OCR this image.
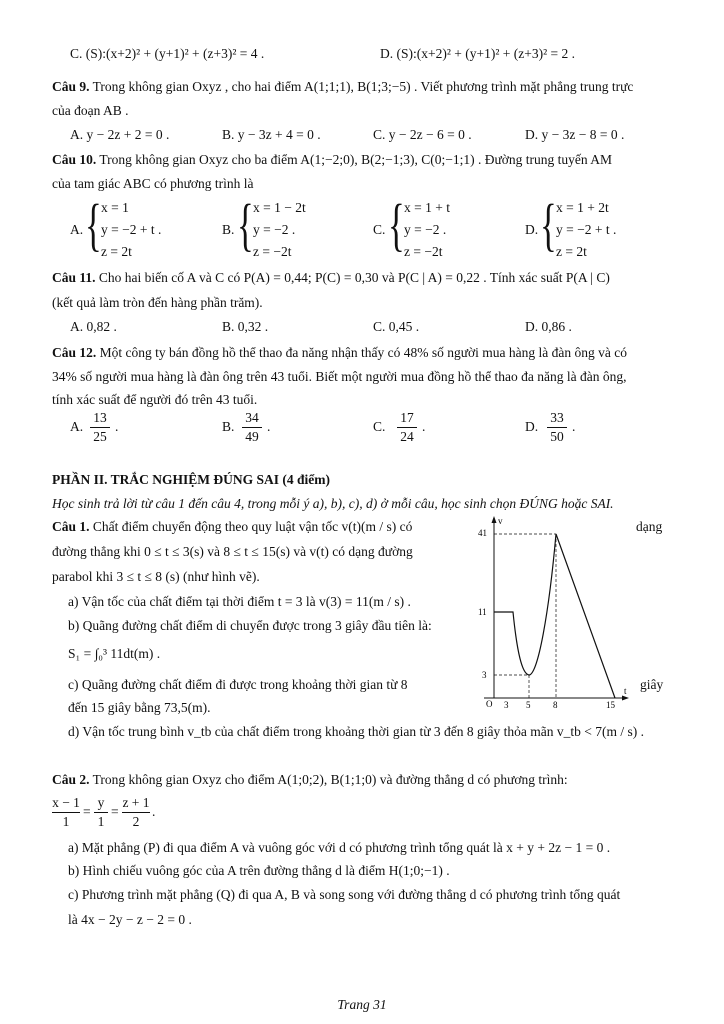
C. (S):(x+2)² + (y+1)² + (z+3)² = 4 .	D. (S):(x+2)² + (y+1)² + (z+3)² = 2 .
Câu 9. Trong không gian Oxyz , cho hai điểm A(1;1;1), B(1;3;−5) . Viết phương trình mặt phẳng trung trực
của đoạn AB .
A. y − 2z + 2 = 0 .	B. y − 3z + 4 = 0 .	C. y − 2z − 6 = 0 .	D. y − 3z − 8 = 0 .
Câu 10. Trong không gian Oxyz cho ba điểm A(1;−2;0), B(2;−1;3), C(0;−1;1) . Đường trung tuyến AM
của tam giác ABC có phương trình là
A. { x = 1
y = −2 + t .
z = 2t
B. { x = 1 − 2t
y = −2 .
z = −2t
C. { x = 1 + t
y = −2 .
z = −2t
D. { x = 1 + 2t
y = −2 + t .
z = 2t
Câu 11. Cho hai biến cố A và C có P(A) = 0,44; P(C) = 0,30 và P(C | A) = 0,22 . Tính xác suất P(A | C)
(kết quả làm tròn đến hàng phần trăm).
A. 0,82 .	B. 0,32 .	C. 0,45 .	D. 0,86 .
Câu 12. Một công ty bán đồng hồ thể thao đa năng nhận thấy có 48% số người mua hàng là đàn ông và có
34% số người mua hàng là đàn ông trên 43 tuổi. Biết một người mua đồng hồ thể thao đa năng là đàn ông,
tính xác suất để người đó trên 43 tuổi.
A.
13
25
.	B.
34
49
.	C.
17
24
.	D.
33
50
.
PHẦN II. TRẮC NGHIỆM ĐÚNG SAI (4 điểm)
Học sinh trả lời từ câu 1 đến câu 4, trong mỗi ý a), b), c), d) ở mỗi câu, học sinh chọn ĐÚNG hoặc SAI.
Câu 1. Chất điểm chuyển động theo quy luật vận tốc v(t)(m / s) có	dạng
đường thẳng khi 0 ≤ t ≤ 3(s) và 8 ≤ t ≤ 15(s) và v(t) có dạng đường
parabol khi 3 ≤ t ≤ 8 (s) (như hình vẽ).
a) Vận tốc của chất điểm tại thời điểm t = 3 là v(3) = 11(m / s) .
b) Quãng đường chất điểm di chuyển được trong 3 giây đầu tiên là:
S₁ = ∫₀³ 11dt(m) .
c) Quãng đường chất điểm đi được trong khoảng thời gian từ 8	giây
đến 15 giây bằng 73,5(m).
d) Vận tốc trung bình v_tb của chất điểm trong khoảng thời gian từ 3 đến 8 giây thỏa mãn v_tb < 7(m / s) .
v
t
O
41
11
3
3 5	8	15
Câu 2. Trong không gian Oxyz cho điểm A(1;0;2), B(1;1;0) và đường thẳng d có phương trình:
x − 1
1
=
y
1
=
z + 1
2
.
a) Mặt phẳng (P) đi qua điểm A và vuông góc với d có phương trình tổng quát là x + y + 2z − 1 = 0 .
b) Hình chiếu vuông góc của A trên đường thẳng d là điểm H(1;0;−1) .
c) Phương trình mặt phẳng (Q) đi qua A, B và song song với đường thẳng d có phương trình tổng quát
là 4x − 2y − z − 2 = 0 .
Trang 31
